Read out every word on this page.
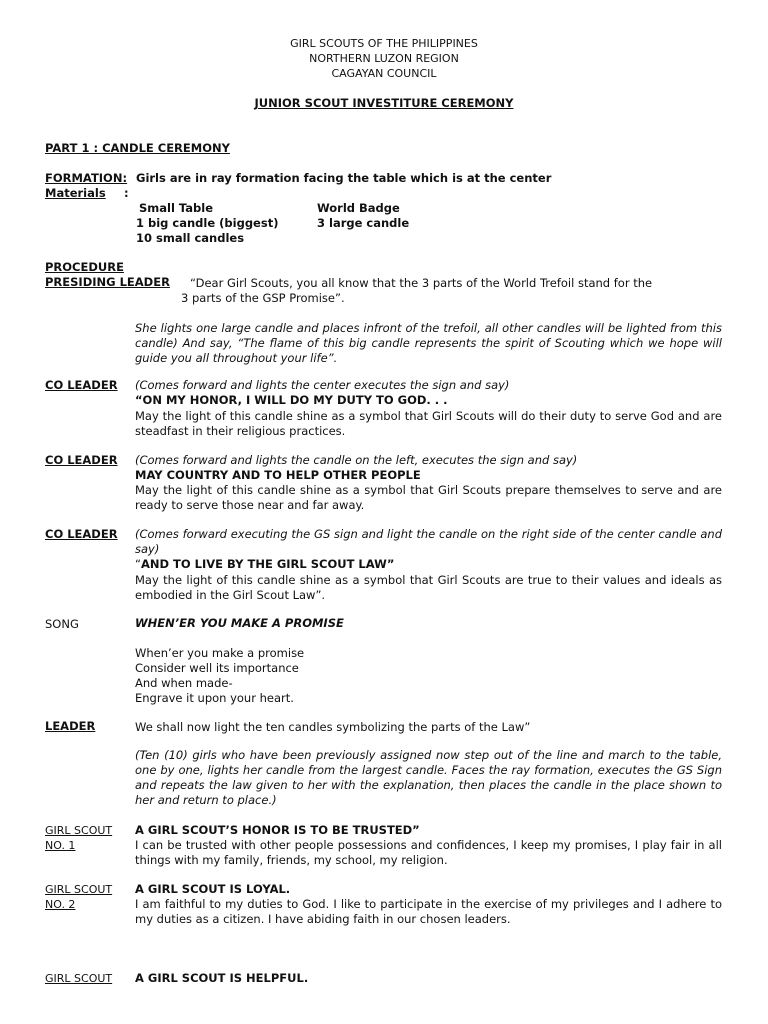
GIRL SCOUTS OF THE PHILIPPINES
NORTHERN LUZON REGION
CAGAYAN COUNCIL
JUNIOR SCOUT INVESTITURE CEREMONY
PART 1 : CANDLE CEREMONY
FORMATION: Girls are in ray formation facing the table which is at the center
Materials :
Small Table
1 big candle (biggest)
10 small candles
World Badge
3 large candle
PROCEDURE
PRESIDING LEADER “Dear Girl Scouts, you all know that the 3 parts of the World Trefoil stand for the
3 parts of the GSP Promise”.
She lights one large candle and places infront of the trefoil, all other candles will be lighted from this candle) And say, “The flame of this big candle represents the spirit of Scouting which we hope will guide you all throughout your life”.
CO LEADER (Comes forward and lights the center executes the sign and say)
“ON MY HONOR, I WILL DO MY DUTY TO GOD. . .
May the light of this candle shine as a symbol that Girl Scouts will do their duty to serve God and are steadfast in their religious practices.
CO LEADER (Comes forward and lights the candle on the left, executes the sign and say)
MAY COUNTRY AND TO HELP OTHER PEOPLE
May the light of this candle shine as a symbol that Girl Scouts prepare themselves to serve and are ready to serve those near and far away.
CO LEADER (Comes forward executing the GS sign and light the candle on the right side of the center candle and say)
“AND TO LIVE BY THE GIRL SCOUT LAW”
May the light of this candle shine as a symbol that Girl Scouts are true to their values and ideals as embodied in the Girl Scout Law”.
SONG	WHEN’ER YOU MAKE A PROMISE
When’er you make a promise
Consider well its importance
And when made-
Engrave it upon your heart.
LEADER	We shall now light the ten candles symbolizing the parts of the Law”
(Ten (10) girls who have been previously assigned now step out of the line and march to the table, one by one, lights her candle from the largest candle. Faces the ray formation, executes the GS Sign and repeats the law given to her with the explanation, then places the candle in the place shown to her and return to place.)
GIRL SCOUT
NO. 1
A GIRL SCOUT’S HONOR IS TO BE TRUSTED”
I can be trusted with other people possessions and confidences, I keep my promises, I play fair in all things with my family, friends, my school, my religion.
GIRL SCOUT
NO. 2
A GIRL SCOUT IS LOYAL.
I am faithful to my duties to God. I like to participate in the exercise of my privileges and I adhere to my duties as a citizen. I have abiding faith in our chosen leaders.
GIRL SCOUT A GIRL SCOUT IS HELPFUL.
